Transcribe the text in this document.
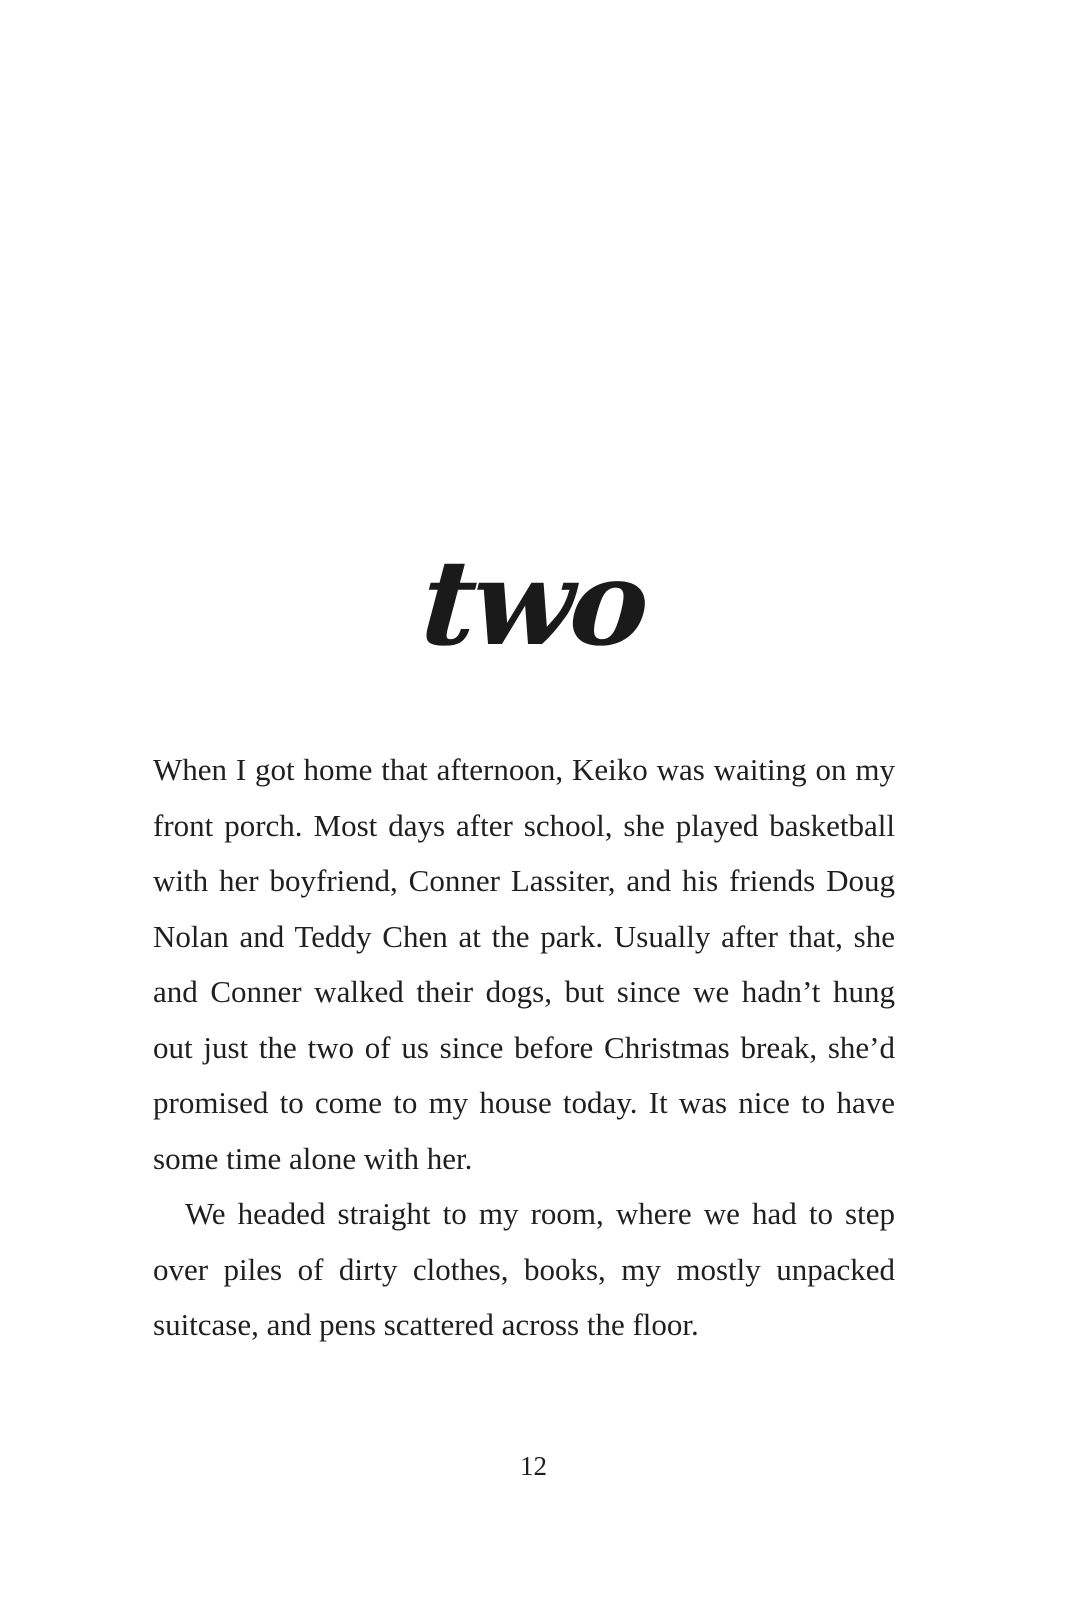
two

When I got home that afternoon, Keiko was waiting on my front porch. Most days after school, she played basketball with her boyfriend, Conner Lassiter, and his friends Doug Nolan and Teddy Chen at the park. Usually after that, she and Conner walked their dogs, but since we hadn’t hung out just the two of us since before Christmas break, she’d promised to come to my house today. It was nice to have some time alone with her.

We headed straight to my room, where we had to step over piles of dirty clothes, books, my mostly unpacked suitcase, and pens scattered across the floor.

12
